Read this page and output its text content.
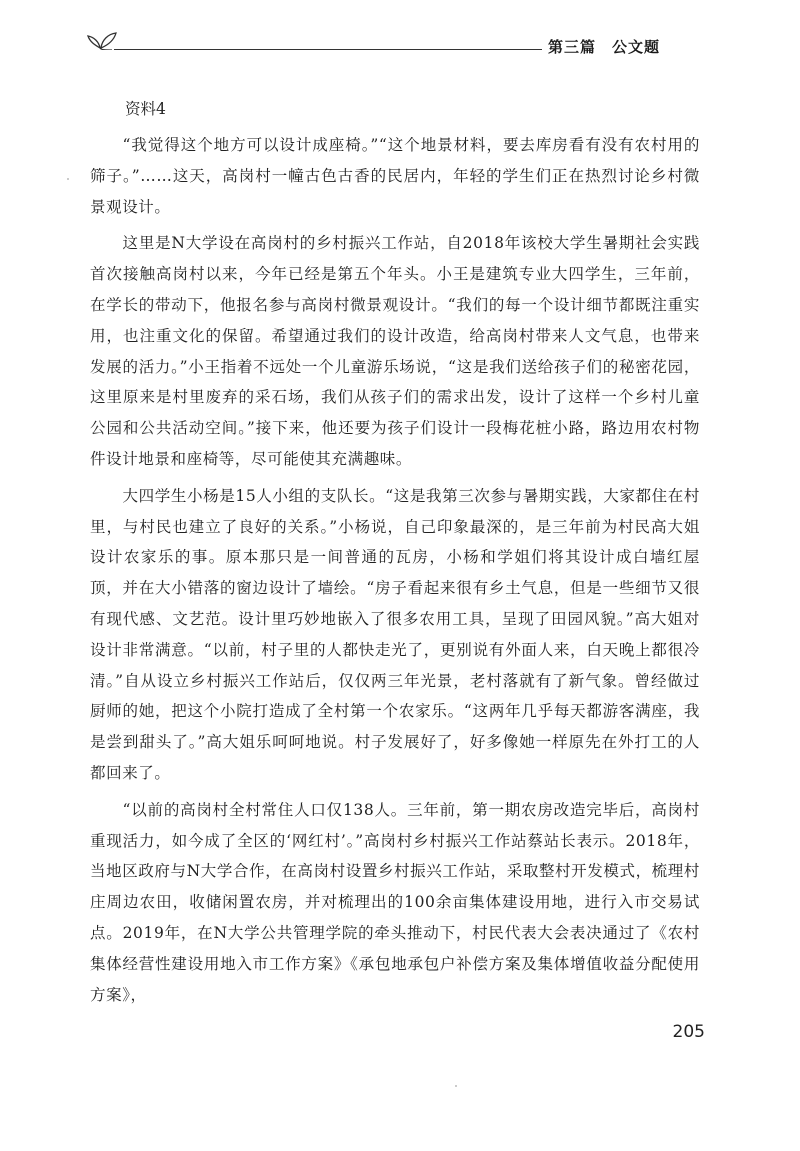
第三篇　公文题
资料4

“我觉得这个地方可以设计成座椅。”“这个地景材料，要去库房看有没有农村用的筛子。”……这天，高岗村一幢古色古香的民居内，年轻的学生们正在热烈讨论乡村微景观设计。

这里是N大学设在高岗村的乡村振兴工作站，自2018年该校大学生暑期社会实践首次接触高岗村以来，今年已经是第五个年头。小王是建筑专业大四学生，三年前，在学长的带动下，他报名参与高岗村微景观设计。“我们的每一个设计细节都既注重实用，也注重文化的保留。希望通过我们的设计改造，给高岗村带来人文气息，也带来发展的活力。”小王指着不远处一个儿童游乐场说，“这是我们送给孩子们的秘密花园，这里原来是村里废弃的采石场，我们从孩子们的需求出发，设计了这样一个乡村儿童公园和公共活动空间。”接下来，他还要为孩子们设计一段梅花桩小路，路边用农村物件设计地景和座椅等，尽可能使其充满趣味。

大四学生小杨是15人小组的支队长。“这是我第三次参与暑期实践，大家都住在村里，与村民也建立了良好的关系。”小杨说，自己印象最深的，是三年前为村民高大姐设计农家乐的事。原本那只是一间普通的瓦房，小杨和学姐们将其设计成白墙红屋顶，并在大小错落的窗边设计了墙绘。“房子看起来很有乡土气息，但是一些细节又很有现代感、文艺范。设计里巧妙地嵌入了很多农用工具，呈现了田园风貌。”高大姐对设计非常满意。“以前，村子里的人都快走光了，更别说有外面人来，白天晚上都很冷清。”自从设立乡村振兴工作站后，仅仅两三年光景，老村落就有了新气象。曾经做过厨师的她，把这个小院打造成了全村第一个农家乐。“这两年几乎每天都游客满座，我是尝到甜头了。”高大姐乐呵呵地说。村子发展好了，好多像她一样原先在外打工的人都回来了。

“以前的高岗村全村常住人口仅138人。三年前，第一期农房改造完毕后，高岗村重现活力，如今成了全区的‘网红村’。”高岗村乡村振兴工作站蔡站长表示。2018年，当地区政府与N大学合作，在高岗村设置乡村振兴工作站，采取整村开发模式，梳理村庄周边农田，收储闲置农房，并对梳理出的100余亩集体建设用地，进行入市交易试点。2019年，在N大学公共管理学院的牵头推动下，村民代表大会表决通过了《农村集体经营性建设用地入市工作方案》《承包地承包户补偿方案及集体增值收益分配使用方案》，

205
